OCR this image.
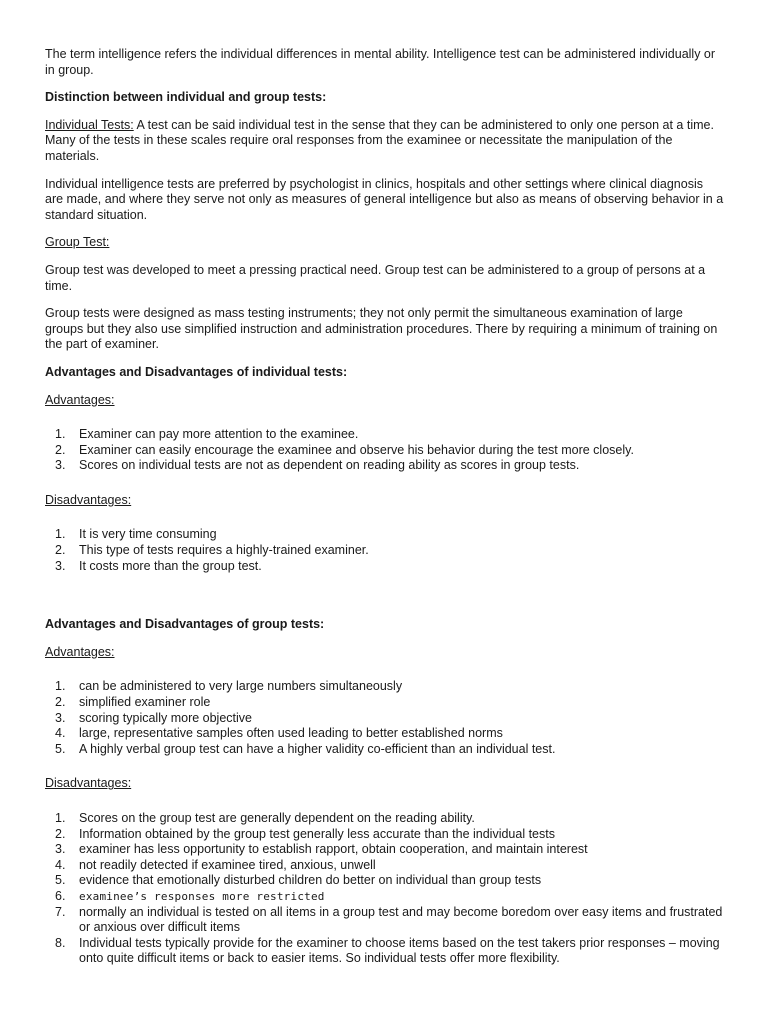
The term intelligence refers the individual differences in mental ability. Intelligence test can be administered individually or in group.

Distinction between individual and group tests:

Individual Tests: A test can be said individual test in the sense that they can be administered to only one person at a time. Many of the tests in these scales require oral responses from the examinee or necessitate the manipulation of the materials.

Individual intelligence tests are preferred by psychologist in clinics, hospitals and other settings where clinical diagnosis are made, and where they serve not only as measures of general intelligence but also as means of observing behavior in a standard situation.

Group Test:

Group test was developed to meet a pressing practical need. Group test can be administered to a group of persons at a time.

Group tests were designed as mass testing instruments; they not only permit the simultaneous examination of large groups but they also use simplified instruction and administration procedures. There by requiring a minimum of training on the part of examiner.

Advantages and Disadvantages of individual tests:

Advantages:

1. Examiner can pay more attention to the examinee.
2. Examiner can easily encourage the examinee and observe his behavior during the test more closely.
3. Scores on individual tests are not as dependent on reading ability as scores in group tests.

Disadvantages:

1. It is very time consuming
2. This type of tests requires a highly-trained examiner.
3. It costs more than the group test.

Advantages and Disadvantages of group tests:

Advantages:

1. can be administered to very large numbers simultaneously
2. simplified examiner role
3. scoring typically more objective
4. large, representative samples often used leading to better established norms
5. A highly verbal group test can have a higher validity co-efficient than an individual test.

Disadvantages:

1. Scores on the group test are generally dependent on the reading ability.
2. Information obtained by the group test generally less accurate than the individual tests
3. examiner has less opportunity to establish rapport, obtain cooperation, and maintain interest
4. not readily detected if examinee tired, anxious, unwell
5. evidence that emotionally disturbed children do better on individual than group tests
6. examinee’s responses more restricted
7. normally an individual is tested on all items in a group test and may become boredom over easy items and frustrated or anxious over difficult items
8. Individual tests typically provide for the examiner to choose items based on the test takers prior responses – moving onto quite difficult items or back to easier items. So individual tests offer more flexibility.
